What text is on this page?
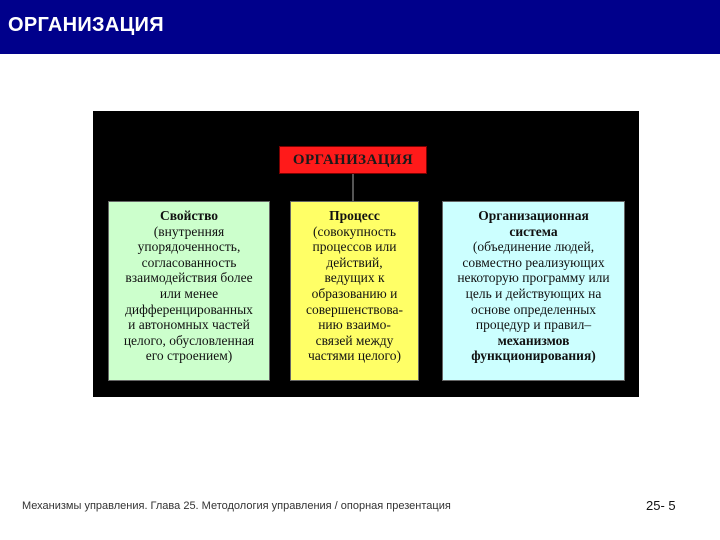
ОРГАНИЗАЦИЯ
ОРГАНИЗАЦИЯ
Свойство
(внутренняя
упорядоченность,
согласованность
взаимодействия более
или менее
дифференцированных
и автономных частей
целого, обусловленная
его строением)
Процесс
(совокупность
процессов или
действий,
ведущих к
образованию и
совершенствова-
нию взаимо-
связей между
частями целого)
Организационная
система
(объединение людей,
совместно реализующих
некоторую программу или
цель и действующих на
основе определенных
процедур и правил–
механизмов
функционирования)
Механизмы управления. Глава 25. Методология управления / опорная презентация	25- 5
